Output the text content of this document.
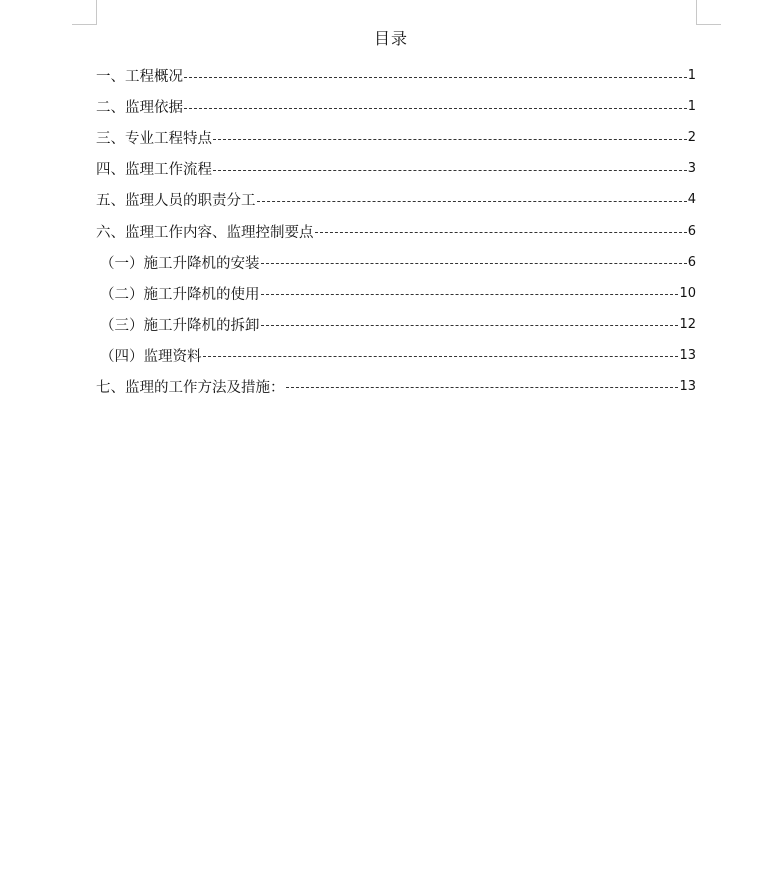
目录
一、工程概况	1
二、监理依据	1
三、专业工程特点	2
四、监理工作流程	3
五、监理人员的职责分工	4
六、监理工作内容、监理控制要点	6
（一）施工升降机的安装	6
（二）施工升降机的使用	10
（三）施工升降机的拆卸	12
（四）监理资料	13
七、监理的工作方法及措施：	13
